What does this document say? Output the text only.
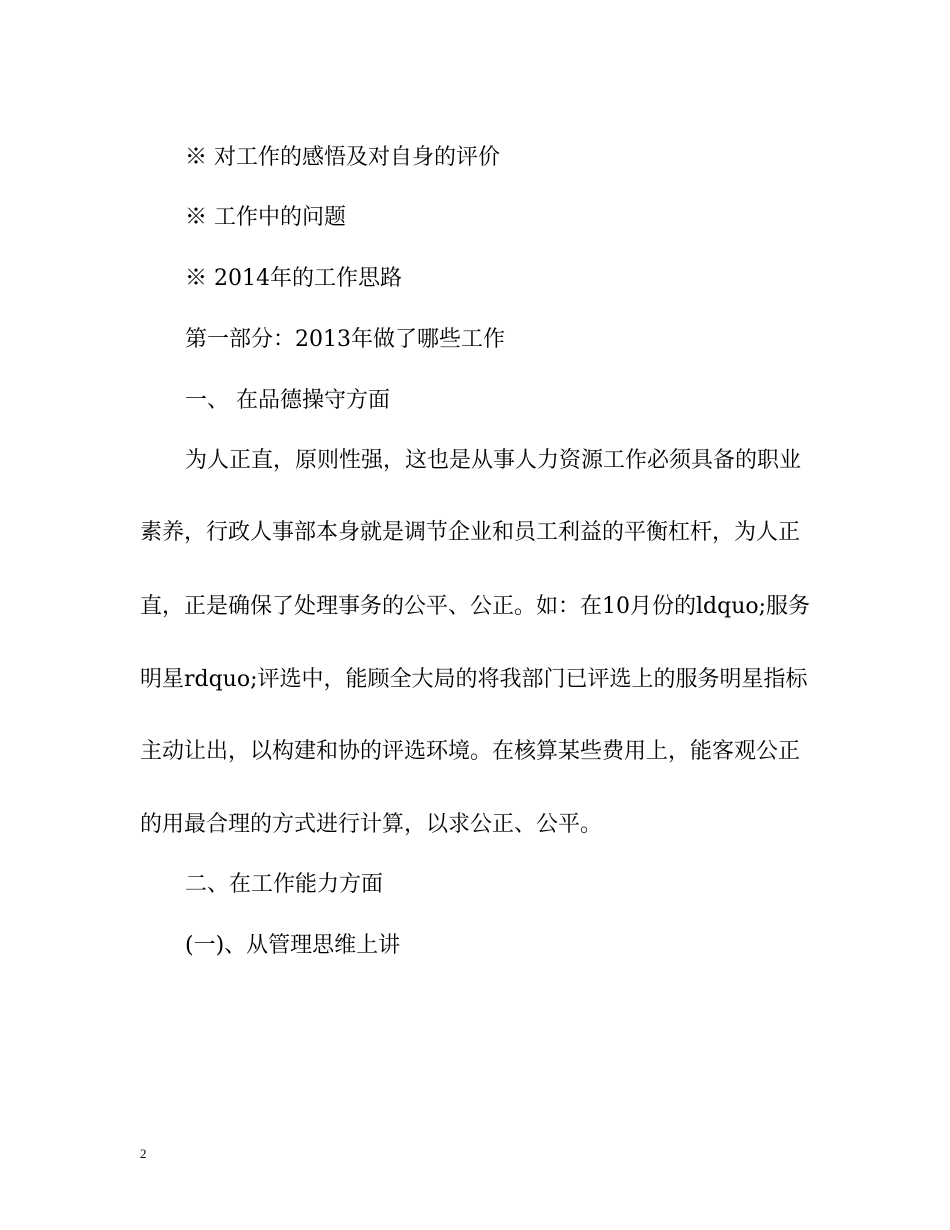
※ 对工作的感悟及对自身的评价
※ 工作中的问题
※ 2014年的工作思路
第一部分：2013年做了哪些工作
一、 在品德操守方面
为人正直，原则性强，这也是从事人力资源工作必须具备的职业
素养，行政人事部本身就是调节企业和员工利益的平衡杠杆，为人正
直，正是确保了处理事务的公平、公正。如：在10月份的ldquo;服务
明星rdquo;评选中，能顾全大局的将我部门已评选上的服务明星指标
主动让出，以构建和协的评选环境。在核算某些费用上，能客观公正
的用最合理的方式进行计算，以求公正、公平。
二、在工作能力方面
(一)、从管理思维上讲
2
